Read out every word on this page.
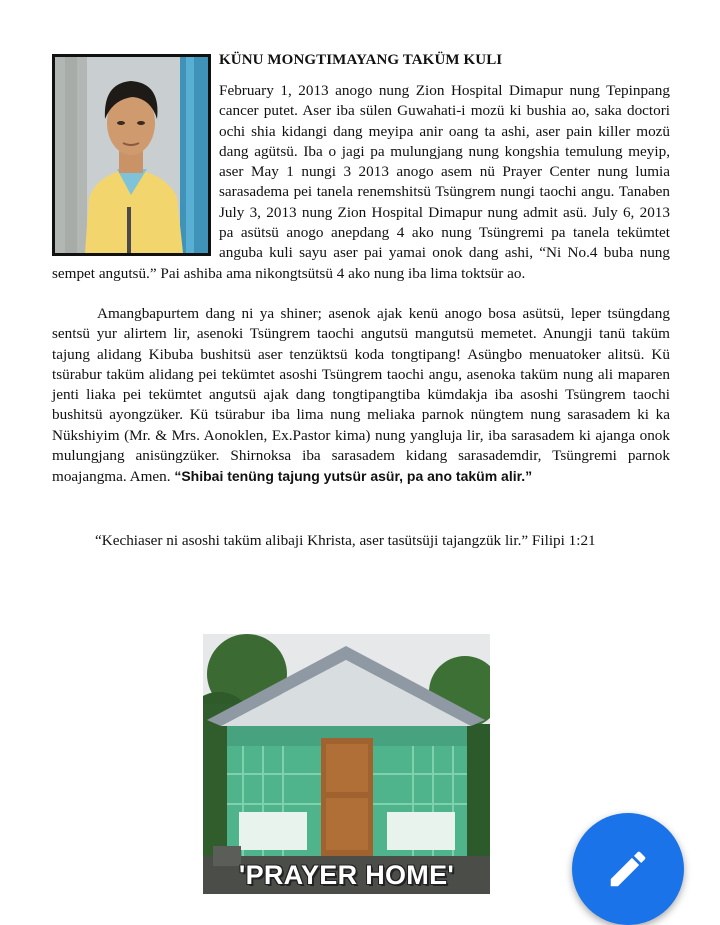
KÜNU MONGTIMAYANG TAKÜM KULI

February 1, 2013 anogo nung Zion Hospital Dimapur nung Tepinpang cancer putet. Aser iba sülen Guwahati-i mozü ki bushia ao, saka doctori ochi shia kidangi dang meyipa anir oang ta ashi, aser pain killer mozü dang agütsü. Iba o jagi pa mulungjang nung kongshia temulung meyip, aser May 1 nungi 3 2013 anogo asem nü Prayer Center nung lumia sarasadema pei tanela renemshitsü Tsüngrem nungi taochi angu. Tanaben July 3, 2013 nung Zion Hospital Dimapur nung admit asü. July 6, 2013 pa asütsü anogo anepdang 4 ako nung Tsüngremi pa tanela tekümtet anguba kuli sayu aser pai yamai onok dang ashi, “Ni No.4 buba nung sempet angutsü.” Pai ashiba ama nikongtsütsü 4 ako nung iba lima toktsür ao.

Amangbapurtem dang ni ya shiner; asenok ajak kenü anogo bosa asütsü, leper tsüngdang sentsü yur alirtem lir, asenoki Tsüngrem taochi angutsü mangutsü memetet. Anungji tanü taküm tajung alidang Kibuba bushitsü aser tenzüktsü koda tongtipang! Asüngbo menuatoker alitsü. Kü tsürabur taküm alidang pei tekümtet asoshi Tsüngrem taochi angu, asenoka taküm nung ali maparen jenti liaka pei tekümtet angutsü ajak dang tongtipangtiba kümdakja iba asoshi Tsüngrem taochi bushitsü ayongzüker. Kü tsürabur iba lima nung meliaka parnok nüngtem nung sarasadem ki ka Nükshiyim (Mr. & Mrs. Aonoklen, Ex.Pastor kima) nung yangluja lir, iba sarasadem ki ajanga onok mulungjang anisüngzüker. Shirnoksa iba sarasadem kidang sarasademdir, Tsüngremi parnok moajangma. Amen. “Shibai tenüng tajung yutsür asür, pa ano taküm alir.”

“Kechiaser ni asoshi taküm alibaji Khrista, aser tasütsüji tajangzük lir.” Filipi 1:21
'PRAYER HOME'
